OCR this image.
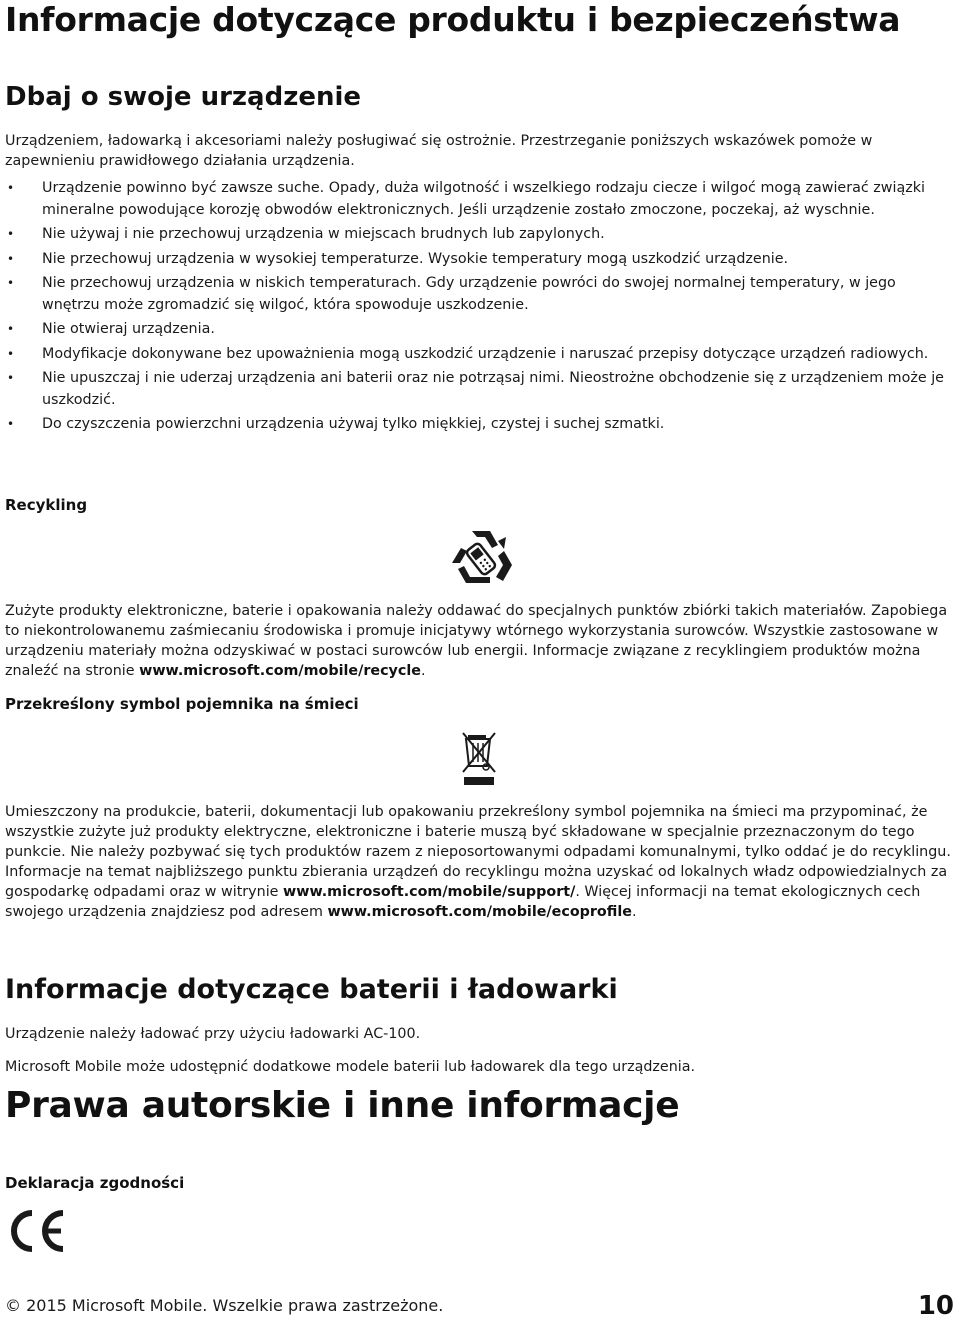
Informacje dotyczące produktu i bezpieczeństwa
Dbaj o swoje urządzenie
Urządzeniem, ładowarką i akcesoriami należy posługiwać się ostrożnie. Przestrzeganie poniższych wskazówek pomoże w zapewnieniu prawidłowego działania urządzenia.
• Urządzenie powinno być zawsze suche. Opady, duża wilgotność i wszelkiego rodzaju ciecze i wilgoć mogą zawierać związki mineralne powodujące korozję obwodów elektronicznych. Jeśli urządzenie zostało zmoczone, poczekaj, aż wyschnie.
• Nie używaj i nie przechowuj urządzenia w miejscach brudnych lub zapylonych.
• Nie przechowuj urządzenia w wysokiej temperaturze. Wysokie temperatury mogą uszkodzić urządzenie.
• Nie przechowuj urządzenia w niskich temperaturach. Gdy urządzenie powróci do swojej normalnej temperatury, w jego wnętrzu może zgromadzić się wilgoć, która spowoduje uszkodzenie.
• Nie otwieraj urządzenia.
• Modyfikacje dokonywane bez upoważnienia mogą uszkodzić urządzenie i naruszać przepisy dotyczące urządzeń radiowych.
• Nie upuszczaj i nie uderzaj urządzenia ani baterii oraz nie potrząsaj nimi. Nieostrożne obchodzenie się z urządzeniem może je uszkodzić.
• Do czyszczenia powierzchni urządzenia używaj tylko miękkiej, czystej i suchej szmatki.
Recykling
Zużyte produkty elektroniczne, baterie i opakowania należy oddawać do specjalnych punktów zbiórki takich materiałów. Zapobiega to niekontrolowanemu zaśmiecaniu środowiska i promuje inicjatywy wtórnego wykorzystania surowców. Wszystkie zastosowane w urządzeniu materiały można odzyskiwać w postaci surowców lub energii. Informacje związane z recyklingiem produktów można znaleźć na stronie www.microsoft.com/mobile/recycle.
Przekreślony symbol pojemnika na śmieci
Umieszczony na produkcie, baterii, dokumentacji lub opakowaniu przekreślony symbol pojemnika na śmieci ma przypominać, że wszystkie zużyte już produkty elektryczne, elektroniczne i baterie muszą być składowane w specjalnie przeznaczonym do tego punkcie. Nie należy pozbywać się tych produktów razem z nieposortowanymi odpadami komunalnymi, tylko oddać je do recyklingu. Informacje na temat najbliższego punktu zbierania urządzeń do recyklingu można uzyskać od lokalnych władz odpowiedzialnych za gospodarkę odpadami oraz w witrynie www.microsoft.com/mobile/support/. Więcej informacji na temat ekologicznych cech swojego urządzenia znajdziesz pod adresem www.microsoft.com/mobile/ecoprofile.
Informacje dotyczące baterii i ładowarki
Urządzenie należy ładować przy użyciu ładowarki AC-100.
Microsoft Mobile może udostępnić dodatkowe modele baterii lub ładowarek dla tego urządzenia.
Prawa autorskie i inne informacje
Deklaracja zgodności
© 2015 Microsoft Mobile. Wszelkie prawa zastrzeżone.	10
